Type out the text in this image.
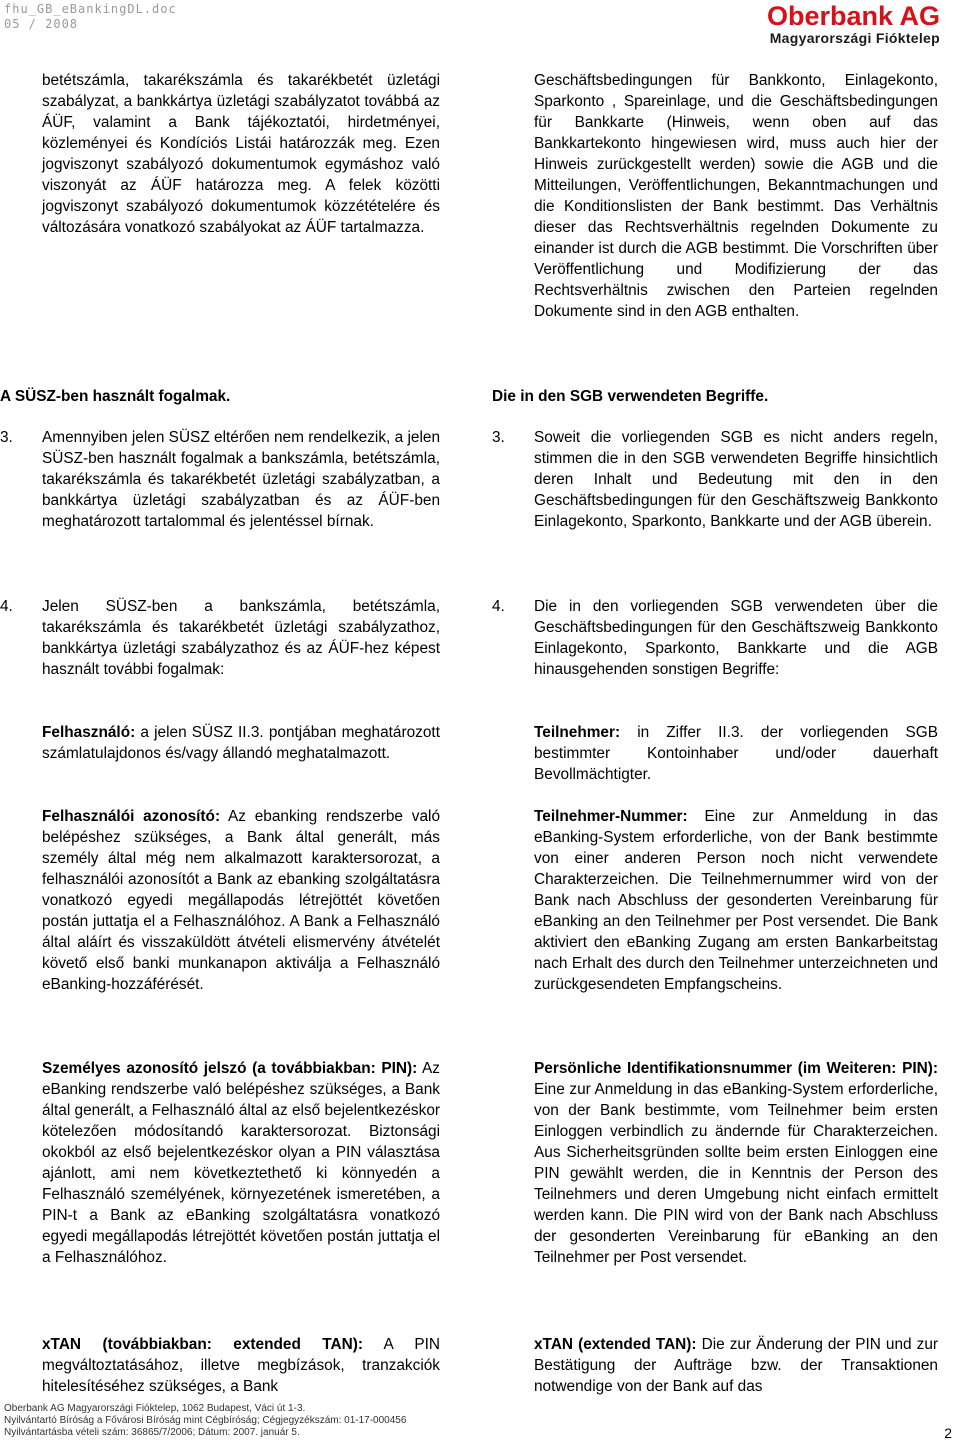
fhu_GB_eBankingDL.doc
05 / 2008	Oberbank AG
Magyarországi Fióktelep

betétszámla, takarékszámla és takarékbetét üzletági szabályzat, a bankkártya üzletági szabályzatot továbbá az ÁÜF, valamint a Bank tájékoztatói, hirdetményei, közleményei és Kondíciós Listái határozzák meg. Ezen jogviszonyt szabályozó dokumentumok egymáshoz való viszonyát az ÁÜF határozza meg. A felek közötti jogviszonyt szabályozó dokumentumok közzétételére és változására vonatkozó szabályokat az ÁÜF tartalmazza.

A SÜSZ-ben használt fogalmak.
3. Amennyiben jelen SÜSZ eltérően nem rendelkezik, a jelen SÜSZ-ben használt fogalmak a bankszámla, betétszámla, takarékszámla és takarékbetét üzletági szabályzatban, a bankkártya üzletági szabályzatban és az ÁÜF-ben meghatározott tartalommal és jelentéssel bírnak.
4. Jelen SÜSZ-ben a bankszámla, betétszámla, takarékszámla és takarékbetét üzletági szabályzathoz, bankkártya üzletági szabályzathoz és az ÁÜF-hez képest használt további fogalmak:
Felhasználó: a jelen SÜSZ II.3. pontjában meghatározott számlatulajdonos és/vagy állandó meghatalmazott.
Felhasználói azonosító: Az ebanking rendszerbe való belépéshez szükséges, a Bank által generált, más személy által még nem alkalmazott karaktersorozat, a felhasználói azonosítót a Bank az ebanking szolgáltatásra vonatkozó egyedi megállapodás létrejöttét követően postán juttatja el a Felhasználóhoz. A Bank a Felhasználó által aláírt és visszaküldött átvételi elismervény átvételét követő első banki munkanapon aktiválja a Felhasználó eBanking-hozzáférését.
Személyes azonosító jelszó (a továbbiakban: PIN): Az eBanking rendszerbe való belépéshez szükséges, a Bank által generált, a Felhasználó által az első bejelentkezéskor kötelezően módosítandó karaktersorozat. Biztonsági okokból az első bejelentkezéskor olyan a PIN választása ajánlott, ami nem következtethető ki könnyedén a Felhasználó személyének, környezetének ismeretében, a PIN-t a Bank az eBanking szolgáltatásra vonatkozó egyedi megállapodás létrejöttét követően postán juttatja el a Felhasználóhoz.
xTAN (továbbiakban: extended TAN): A PIN megváltoztatásához, illetve megbízások, tranzakciók hitelesítéséhez szükséges, a Bank

Geschäftsbedingungen für Bankkonto, Einlagekonto, Sparkonto , Spareinlage, und die Geschäftsbedingungen für Bankkarte (Hinweis, wenn oben auf das Bankkartekonto hingewiesen wird, muss auch hier der Hinweis zurückgestellt werden) sowie die AGB und die Mitteilungen, Veröffentlichungen, Bekanntmachungen und die Konditionslisten der Bank bestimmt. Das Verhältnis dieser das Rechtsverhältnis regelnden Dokumente zu einander ist durch die AGB bestimmt. Die Vorschriften über Veröffentlichung und Modifizierung der das Rechtsverhältnis zwischen den Parteien regelnden Dokumente sind in den AGB enthalten.

Die in den SGB verwendeten Begriffe.
3. Soweit die vorliegenden SGB es nicht anders regeln, stimmen die in den SGB verwendeten Begriffe hinsichtlich deren Inhalt und Bedeutung mit den in den Geschäftsbedingungen für den Geschäftszweig Bankkonto Einlagekonto, Sparkonto, Bankkarte und der AGB überein.
4. Die in den vorliegenden SGB verwendeten über die Geschäftsbedingungen für den Geschäftszweig Bankkonto Einlagekonto, Sparkonto, Bankkarte und die AGB hinausgehenden sonstigen Begriffe:
Teilnehmer: in Ziffer II.3. der vorliegenden SGB bestimmter Kontoinhaber und/oder dauerhaft Bevollmächtigter.
Teilnehmer-Nummer: Eine zur Anmeldung in das eBanking-System erforderliche, von der Bank bestimmte von einer anderen Person noch nicht verwendete Charakterzeichen. Die Teilnehmernummer wird von der Bank nach Abschluss der gesonderten Vereinbarung für eBanking an den Teilnehmer per Post versendet. Die Bank aktiviert den eBanking Zugang am ersten Bankarbeitstag nach Erhalt des durch den Teilnehmer unterzeichneten und zurückgesendeten Empfangscheins.
Persönliche Identifikationsnummer (im Weiteren: PIN): Eine zur Anmeldung in das eBanking-System erforderliche, von der Bank bestimmte, vom Teilnehmer beim ersten Einloggen verbindlich zu ändernde für Charakterzeichen. Aus Sicherheitsgründen sollte beim ersten Einloggen eine PIN gewählt werden, die in Kenntnis der Person des Teilnehmers und deren Umgebung nicht einfach ermittelt werden kann. Die PIN wird von der Bank nach Abschluss der gesonderten Vereinbarung für eBanking an den Teilnehmer per Post versendet.
xTAN (extended TAN): Die zur Änderung der PIN und zur Bestätigung der Aufträge bzw. der Transaktionen notwendige von der Bank auf das
Oberbank AG Magyarországi Fióktelep, 1062 Budapest, Váci út 1-3.
Nyilvántartó Bíróság a Fővárosi Bíróság mint Cégbíróság; Cégjegyzékszám: 01-17-000456
Nyilvántartásba vételi szám: 36865/7/2006; Dátum: 2007. január 5.	2
